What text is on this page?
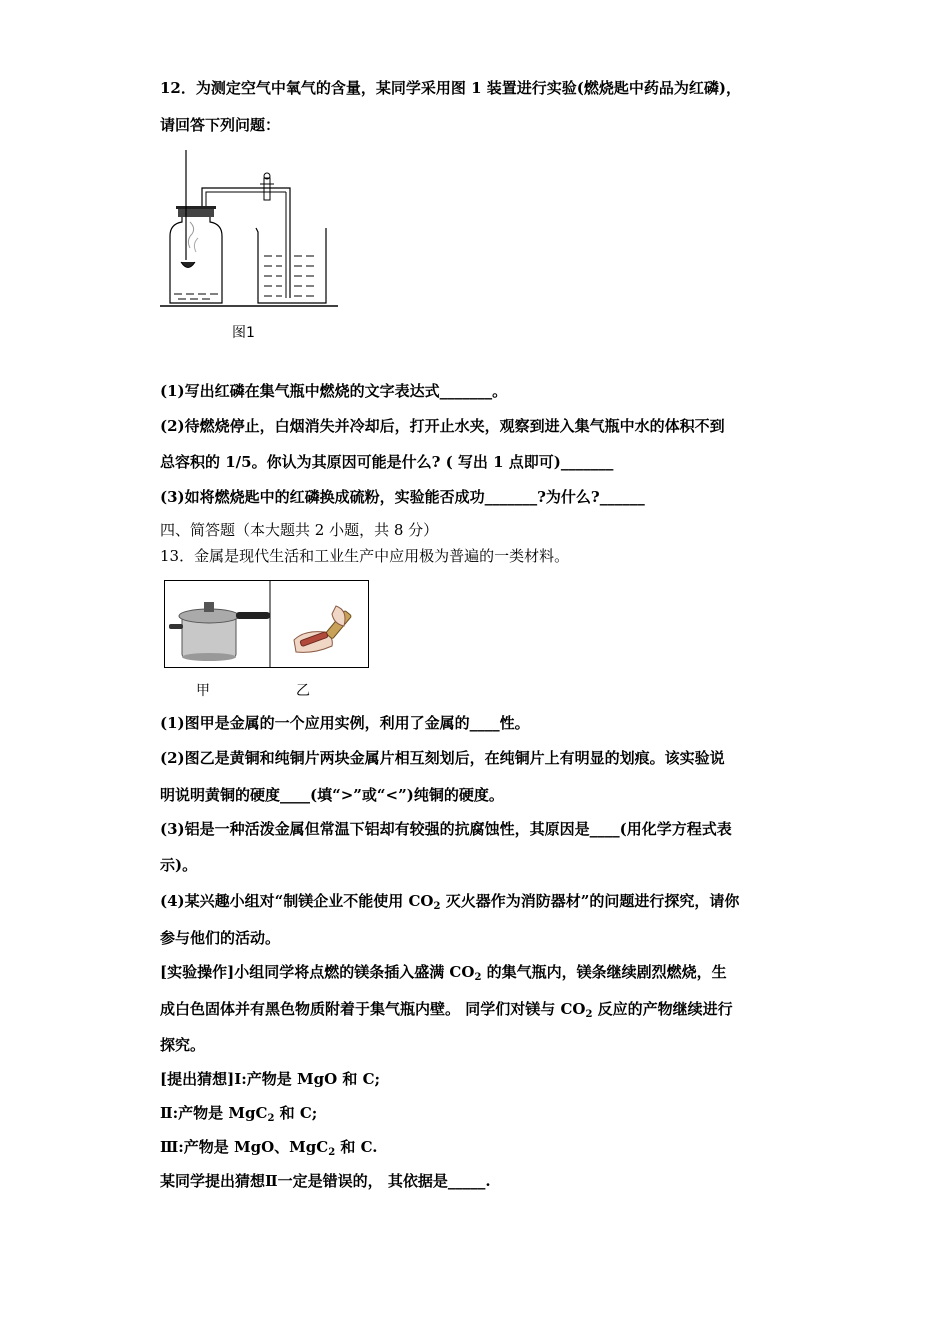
12．为测定空气中氧气的含量，某同学采用图 1 装置进行实验(燃烧匙中药品为红磷)，
请回答下列问题：
图1
(1)写出红磷在集气瓶中燃烧的文字表达式_______。
(2)待燃烧停止，白烟消失并冷却后，打开止水夹，观察到进入集气瓶中水的体积不到
总容积的 1/5。你认为其原因可能是什么? ( 写出 1 点即可)_______
(3)如将燃烧匙中的红磷换成硫粉，实验能否成功_______?为什么?______
四、简答题（本大题共 2 小题，共 8 分）
13．金属是现代生活和工业生产中应用极为普遍的一类材料。
甲	乙
(1)图甲是金属的一个应用实例，利用了金属的____性。
(2)图乙是黄铜和纯铜片两块金属片相互刻划后，在纯铜片上有明显的划痕。该实验说
明说明黄铜的硬度____(填“>”或“<”)纯铜的硬度。
(3)铝是一种活泼金属但常温下铝却有较强的抗腐蚀性，其原因是____(用化学方程式表
示)。
(4)某兴趣小组对“制镁企业不能使用 $CO_2$ 灭火器作为消防器材”的问题进行探究，请你
参与他们的活动。
[实验操作]小组同学将点燃的镁条插入盛满 $CO_2$ 的集气瓶内，镁条继续剧烈燃烧，生
成白色固体并有黑色物质附着于集气瓶内壁。 同学们对镁与 $CO_2$ 反应的产物继续进行
探究。
[提出猜想]Ⅰ:产物是 MgO 和 C;
Ⅱ:产物是 MgC$_2$ 和 C;
Ⅲ:产物是 MgO、MgC$_2$ 和 C.
某同学提出猜想Ⅱ一定是错误的， 其依据是_____.
